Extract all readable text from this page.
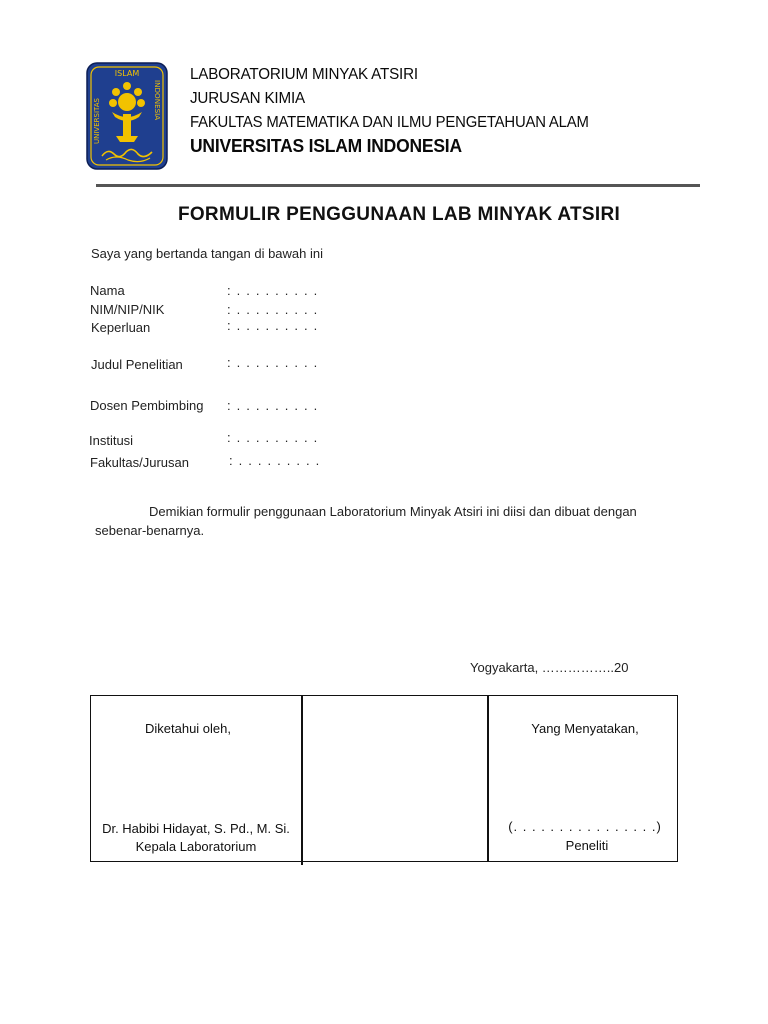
ISLAM
UNIVERSITAS	INDONESIA
LABORATORIUM MINYAK ATSIRI
JURUSAN KIMIA
FAKULTAS MATEMATIKA DAN ILMU PENGETAHUAN ALAM
UNIVERSITAS ISLAM INDONESIA
FORMULIR PENGGUNAAN LAB MINYAK ATSIRI
Saya yang bertanda tangan di bawah ini
Nama	: . . . . . . . . .
NIM/NIP/NIK	: . . . . . . . . .
Keperluan	: . . . . . . . . .
Judul Penelitian	: . . . . . . . . .
Dosen Pembimbing : . . . . . . . . .
Institusi	: . . . . . . . . .
Fakultas/Jurusan	: . . . . . . . . .
Demikian formulir penggunaan Laboratorium Minyak Atsiri ini diisi dan dibuat dengan
sebenar-benarnya.
Yogyakarta, ……………..20
Diketahui oleh,
Dr. Habibi Hidayat, S. Pd., M. Si.
Kepala Laboratorium
Yang Menyatakan,
(. . . . . . . . . . . . . . . .)
Peneliti
